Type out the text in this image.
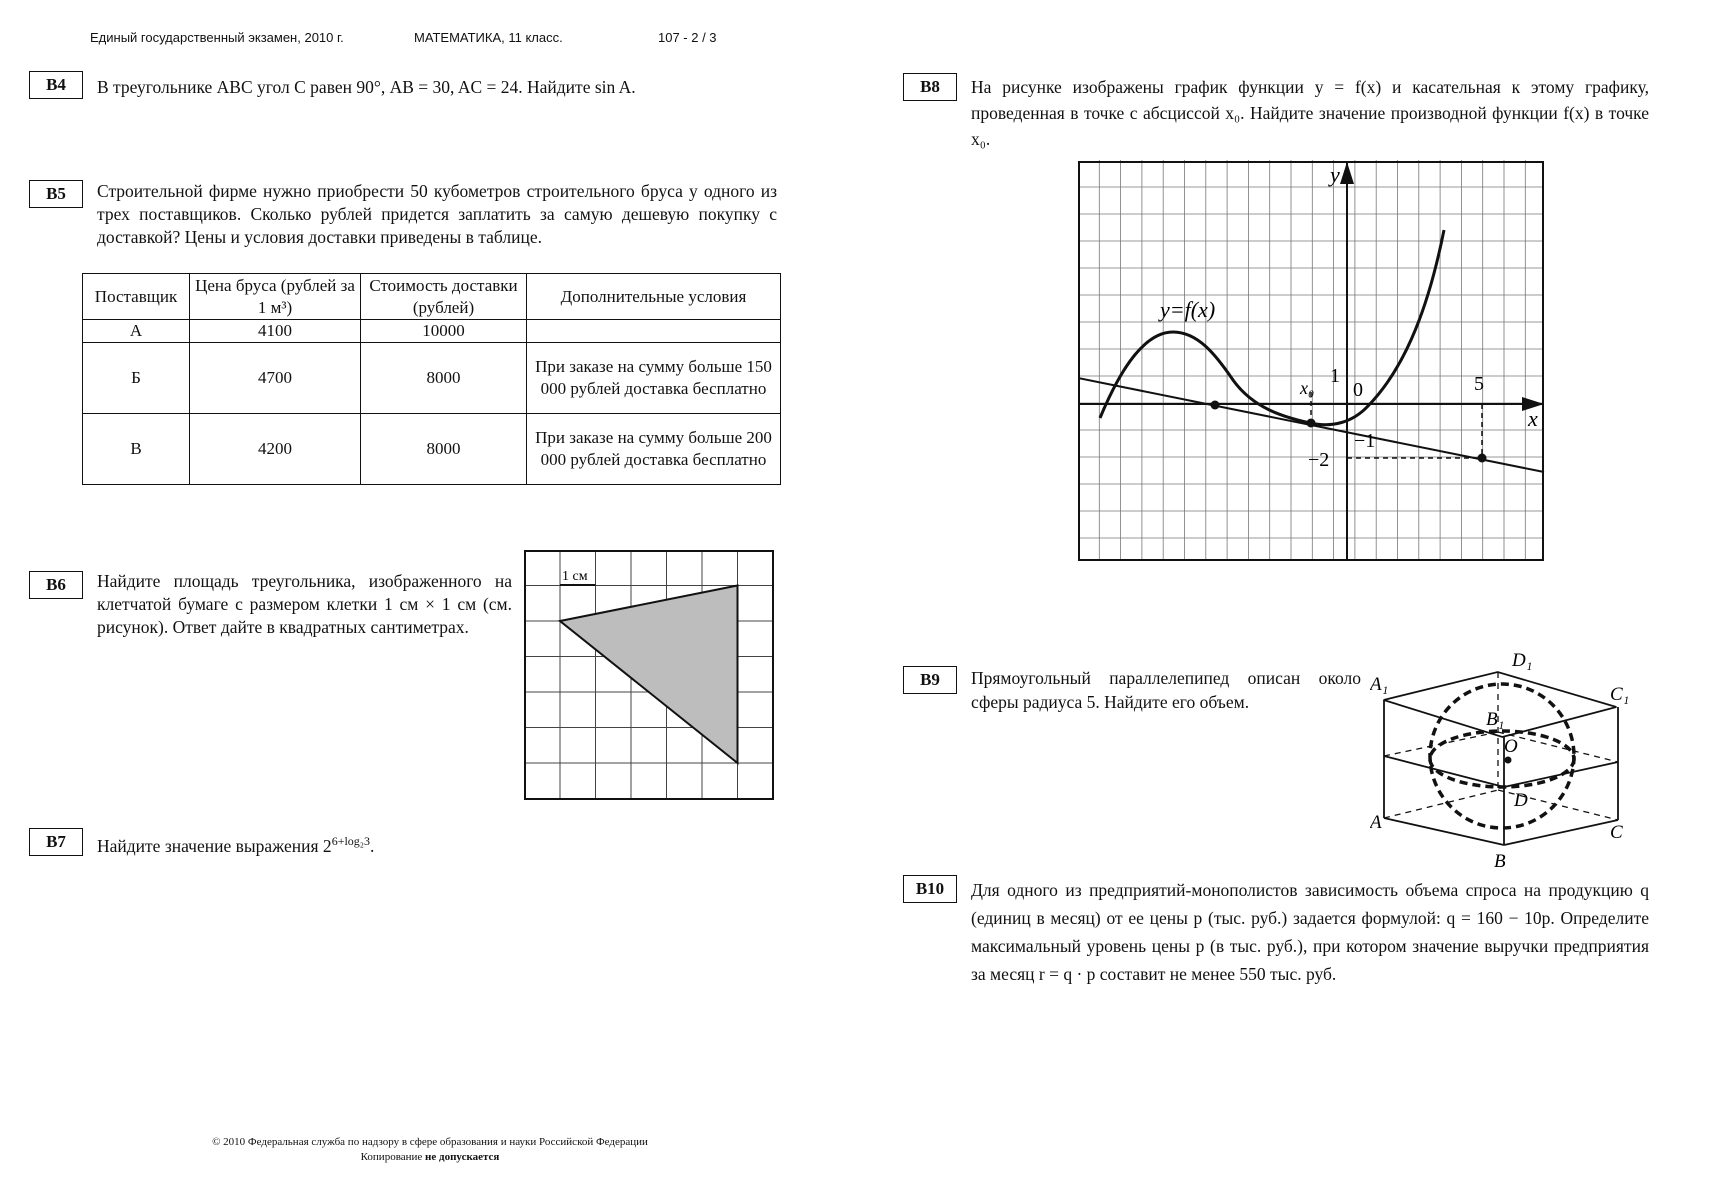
Единый государственный экзамен, 2010 г.	МАТЕМАТИКА, 11 класс.	107 - 2 / 3
B4	В треугольнике ABC угол C равен 90°, AB = 30, AC = 24. Найдите sin A.
B5	Строительной фирме нужно приобрести 50 кубометров строительного бруса у одного из трех поставщиков. Сколько рублей придется заплатить за самую дешевую покупку с доставкой? Цены и условия доставки приведены в таблице.
Поставщик	Цена бруса (рублей за 1 м³)	Стоимость доставки (рублей)	Дополнительные условия
А	4100	10000	
Б	4700	8000	При заказе на сумму больше 150 000 рублей доставка бесплатно
В	4200	8000	При заказе на сумму больше 200 000 рублей доставка бесплатно
B6	Найдите площадь треугольника, изображенного на клетчатой бумаге с размером клетки 1 см × 1 см (см. рисунок). Ответ дайте в квадратных сантиметрах.
1 см
B7	Найдите значение выражения $2^{6+log_23}$.
B8	На рисунке изображены график функции y = f(x) и касательная к этому графику, проведенная в точке с абсциссой x₀. Найдите значение производной функции f(x) в точке x₀.
y=f(x)
y
x
x₀
1
0	5
−1
−2
B9	Прямоугольный параллелепипед описан около сферы радиуса 5. Найдите его объем.
A₁
D₁
C₁
B₁
O
D
A
B
C
B10	Для одного из предприятий-монополистов зависимость объема спроса на продукцию q (единиц в месяц) от ее цены p (тыс. руб.) задается формулой: q = 160 − 10p. Определите максимальный уровень цены p (в тыс. руб.), при котором значение выручки предприятия за месяц r = q · p составит не менее 550 тыс. руб.
© 2010 Федеральная служба по надзору в сфере образования и науки Российской Федерации
Копирование не допускается
